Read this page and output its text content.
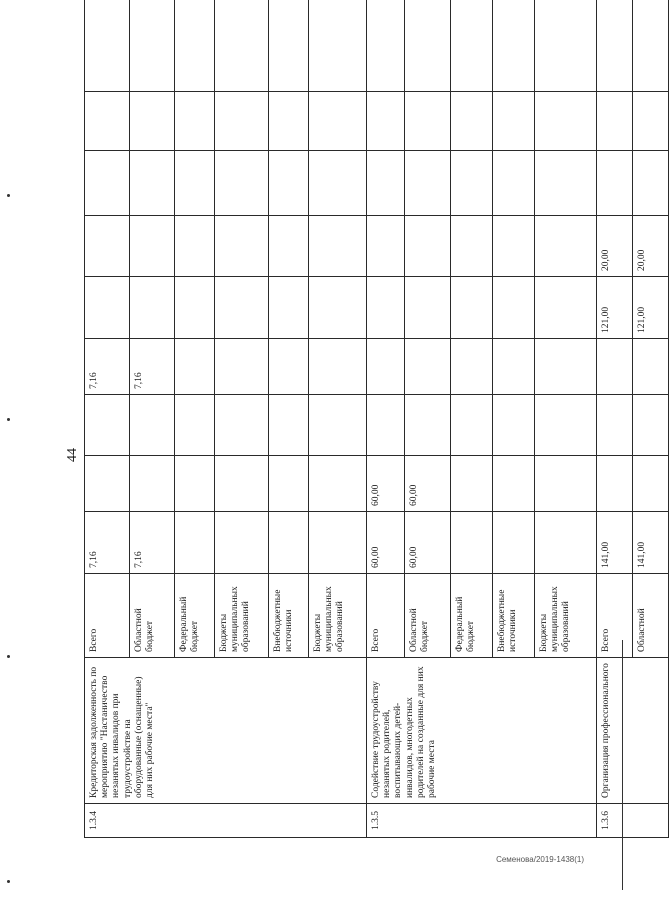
44
1.3.4	Кредиторская задолженность по мероприятию "Настаничество незанятых инвалидов при трудоустройстве на оборудованные (оснащенные) для них рабочие места"	Всего	7,16			7,16					
		Областной бюджет	7,16			7,16					
		Федеральный бюджет									
		Бюджеты муниципальных образований									
		Внебюджетные источники									
		Бюджеты муниципальных образований									
1.3.5	Содействие трудоустройству незанятых родителей, воспитывающих детей-инвалидов, многодетных родителей на созданные для них рабочие места	Всего	60,00	60,00							
		Областной бюджет	60,00	60,00							
		Федеральный бюджет									
		Внебюджетные источники									
		Бюджеты муниципальных образований									
1.3.6	Организация профессионального	Всего	141,00				121,00	20,00			
		Областной	141,00				121,00	20,00			
Семенова/2019-1438(1)
